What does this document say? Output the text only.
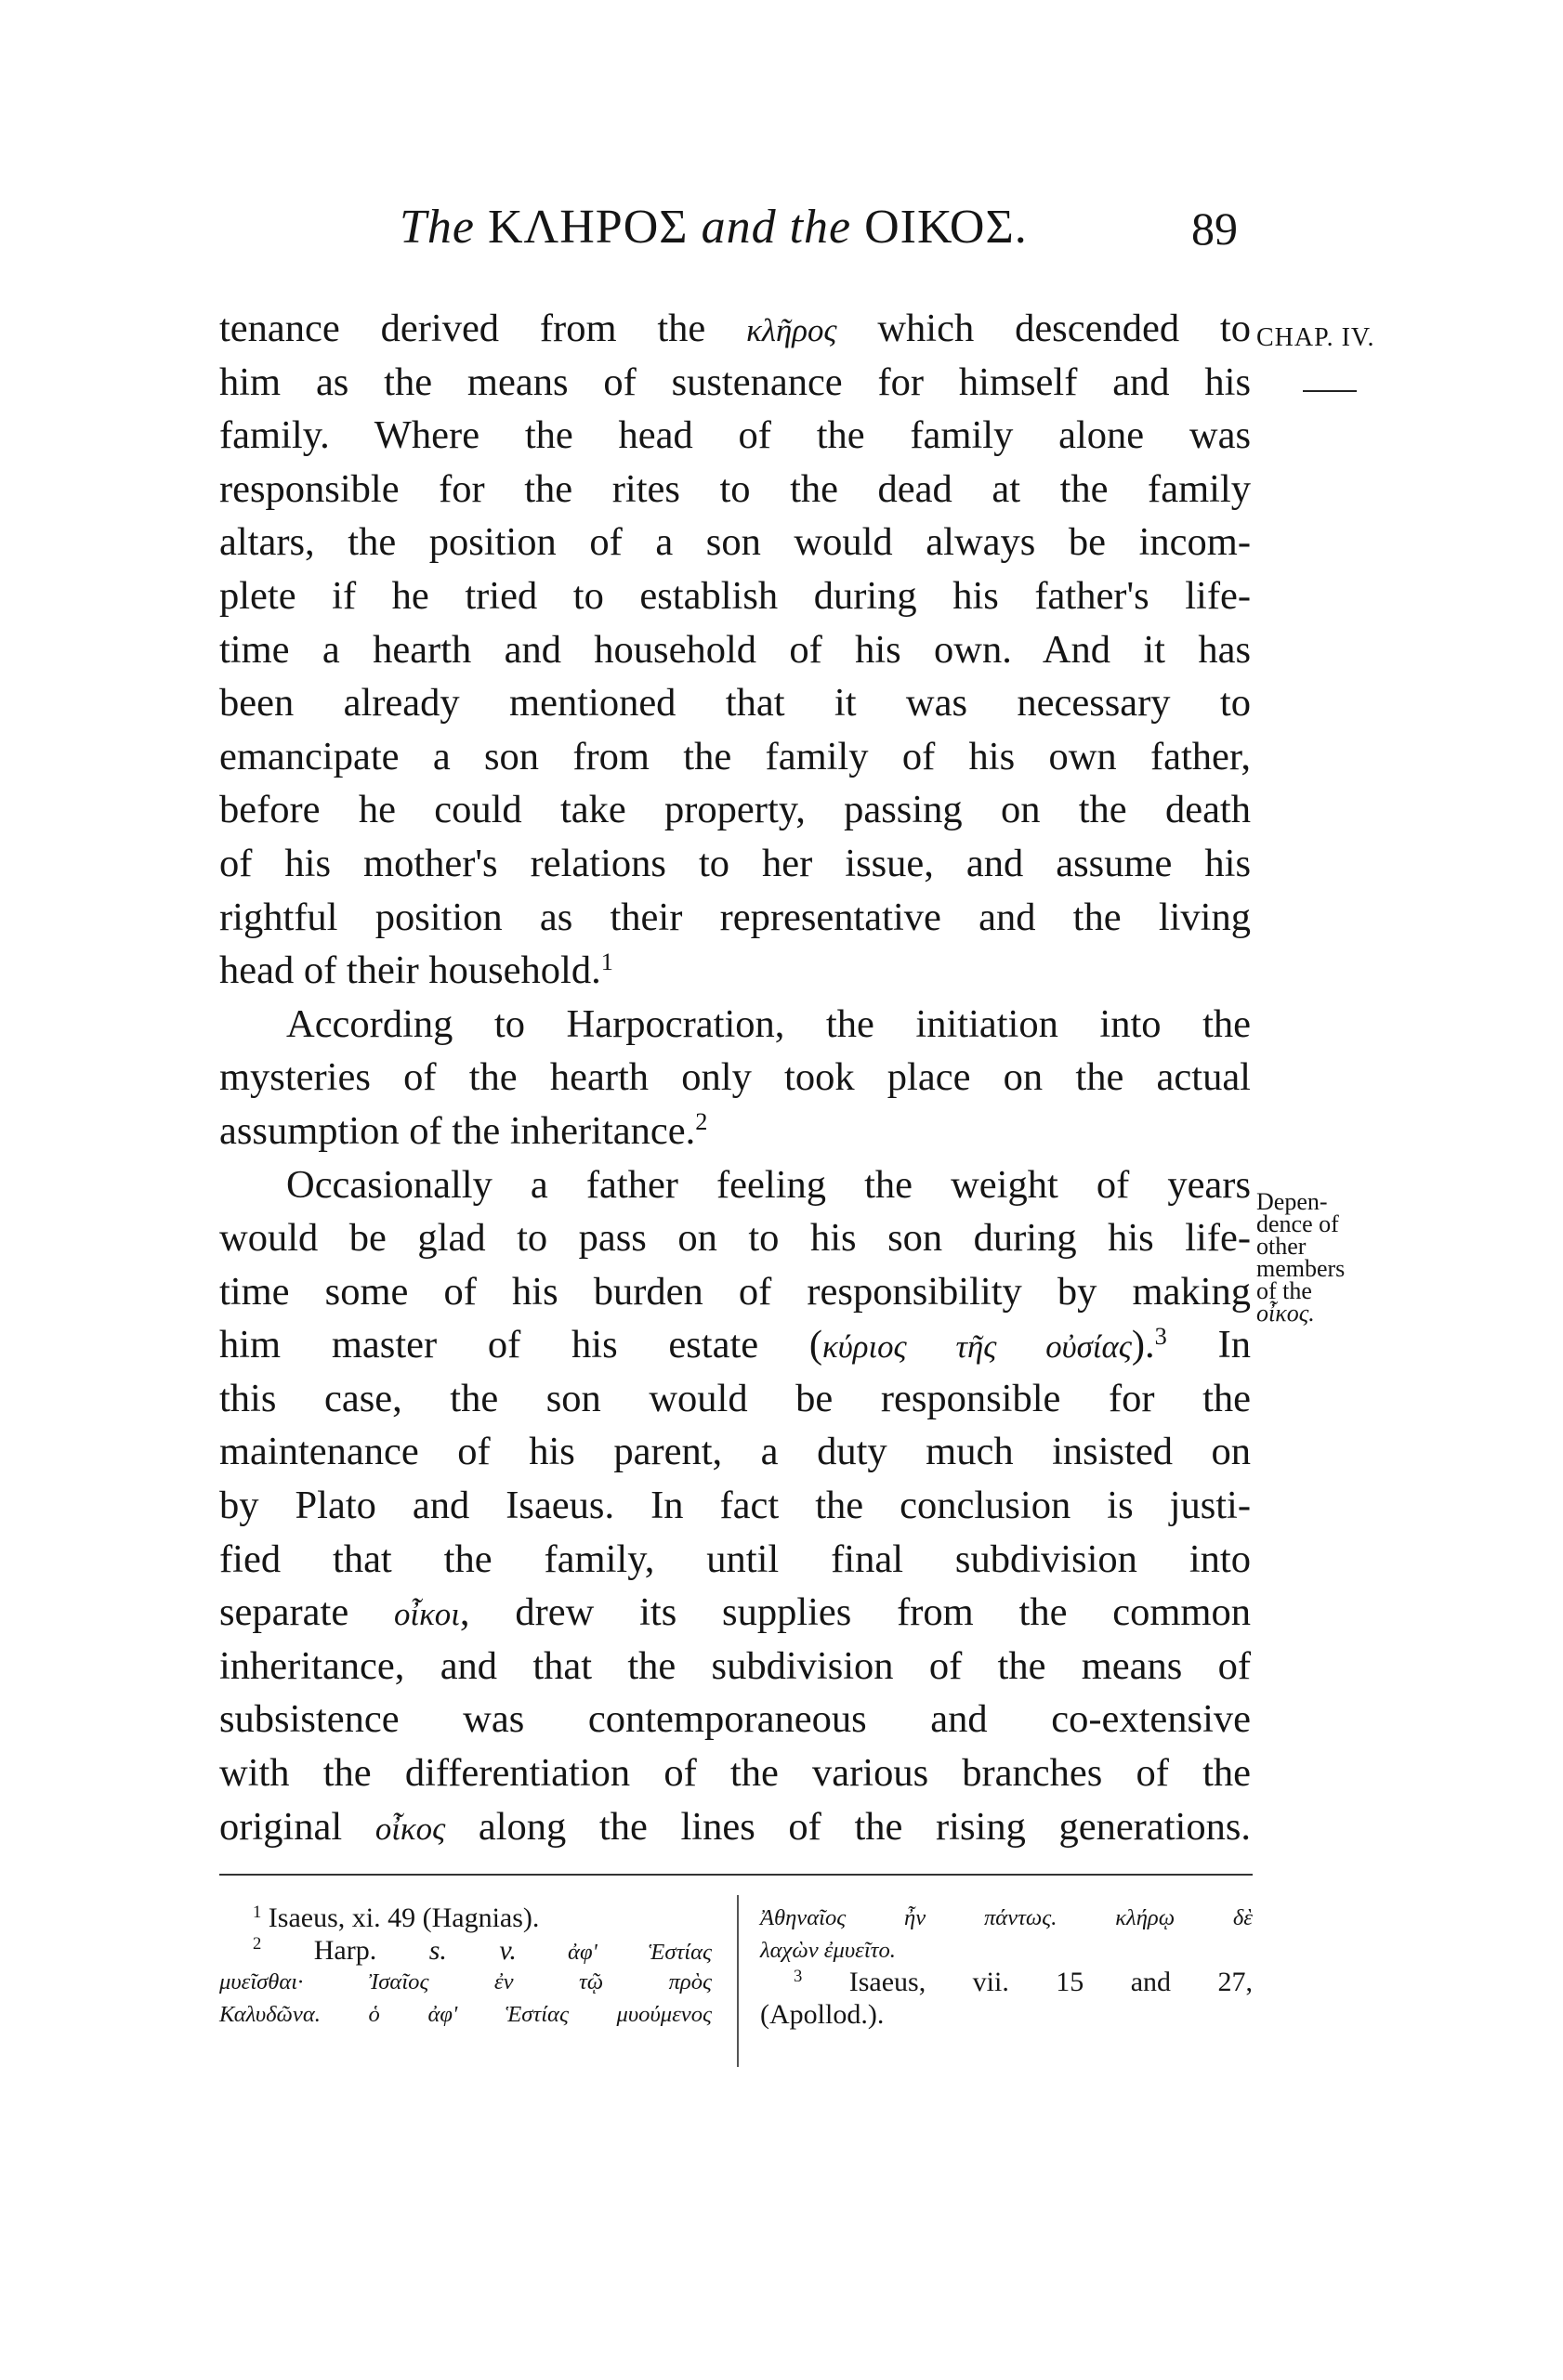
The ΚΛΗΡΟΣ and the ΟΙΚΟΣ.	89
CHAP. IV.
Depen-
dence of
other
members
of the
οἶκος.
tenance derived from the κλῆρος which descended to
him as the means of sustenance for himself and his
family. Where the head of the family alone was
responsible for the rites to the dead at the family
altars, the position of a son would always be incom-
plete if he tried to establish during his father's life-
time a hearth and household of his own. And it has
been already mentioned that it was necessary to
emancipate a son from the family of his own father,
before he could take property, passing on the death
of his mother's relations to her issue, and assume his
rightful position as their representative and the living
head of their household.$^1$
According to Harpocration, the initiation into the
mysteries of the hearth only took place on the actual
assumption of the inheritance.$^2$
Occasionally a father feeling the weight of years
would be glad to pass on to his son during his life-
time some of his burden of responsibility by making
him master of his estate (κύριος τῆς οὐσίας).$^3$ In
this case, the son would be responsible for the
maintenance of his parent, a duty much insisted on
by Plato and Isaeus. In fact the conclusion is justi-
fied that the family, until final subdivision into
separate οἶκοι, drew its supplies from the common
inheritance, and that the subdivision of the means of
subsistence was contemporaneous and co-extensive
with the differentiation of the various branches of the
original οἶκος along the lines of the rising generations.
$^1$ Isaeus, xi. 49 (Hagnias).
$^2$ Harp. s. v. ἀφ' Ἑστίας
μυεῖσθαι· Ἰσαῖος ἐν τῷ πρὸς
Καλυδῶνα. ὁ ἀφ' Ἑστίας μυούμενος
Ἀθηναῖος ἦν πάντως. κλήρῳ δὲ
λαχὼν ἐμυεῖτο.
$^3$ Isaeus, vii. 15 and 27,
(Apollod.).
